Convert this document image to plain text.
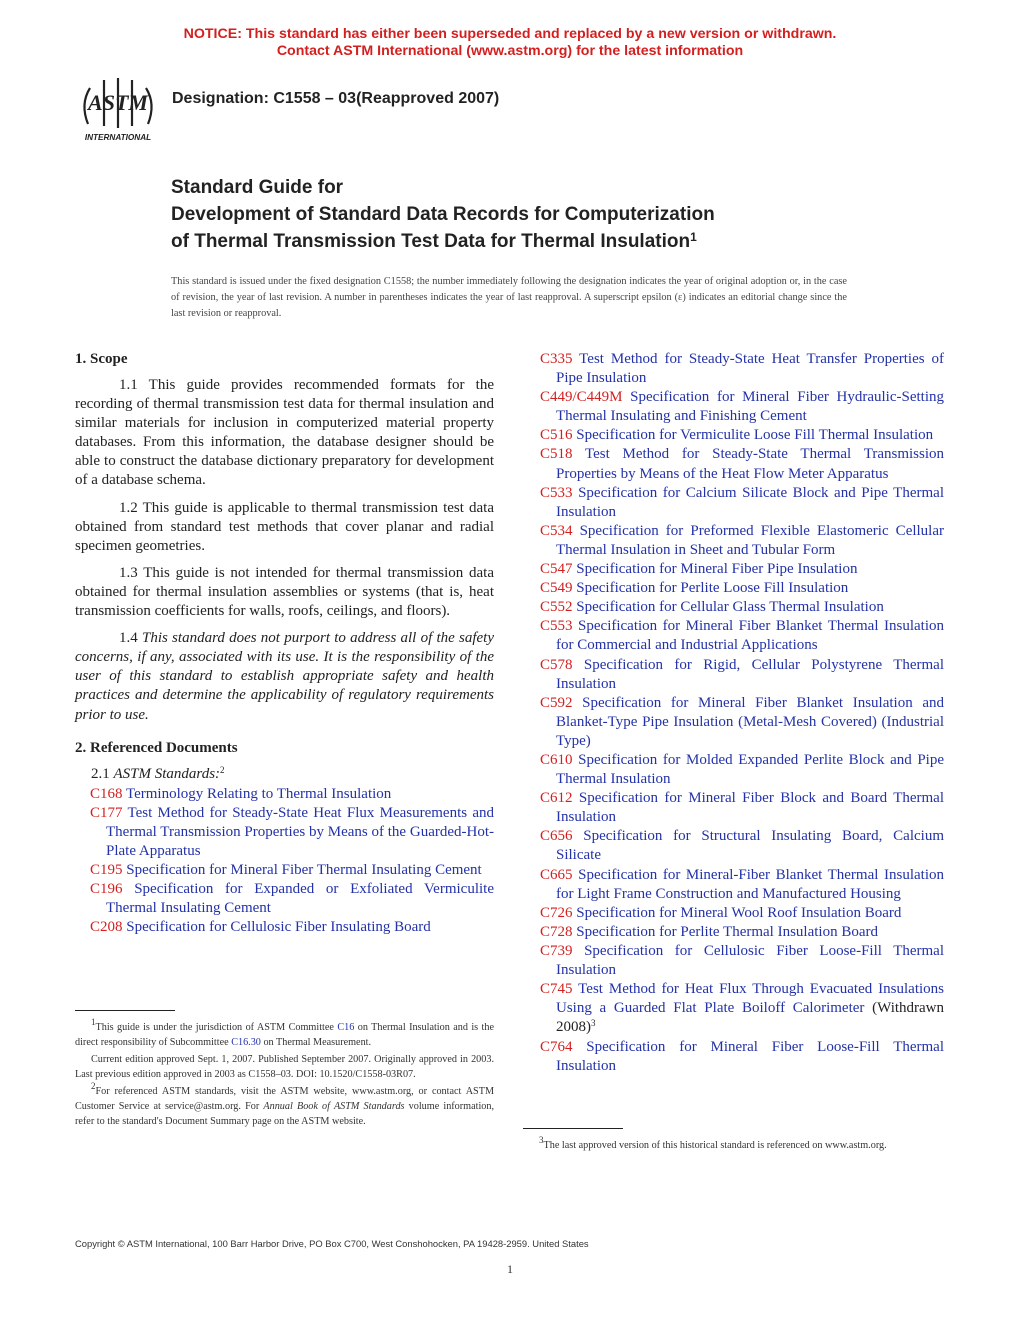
NOTICE: This standard has either been superseded and replaced by a new version or withdrawn.
Contact ASTM International (www.astm.org) for the latest information
ASTM
INTERNATIONAL
Designation: C1558 – 03(Reapproved 2007)
Standard Guide for
Development of Standard Data Records for Computerization
of Thermal Transmission Test Data for Thermal Insulation$^1$
This standard is issued under the fixed designation C1558; the number immediately following the designation indicates the year of original adoption or, in the case of revision, the year of last revision. A number in parentheses indicates the year of last reapproval. A superscript epsilon (ε) indicates an editorial change since the last revision or reapproval.
1. Scope

1.1 This guide provides recommended formats for the recording of thermal transmission test data for thermal insulation and similar materials for inclusion in computerized material property databases. From this information, the database designer should be able to construct the database dictionary preparatory for development of a database schema.

1.2 This guide is applicable to thermal transmission test data obtained from standard test methods that cover planar and radial specimen geometries.

1.3 This guide is not intended for thermal transmission data obtained for thermal insulation assemblies or systems (that is, heat transmission coefficients for walls, roofs, ceilings, and floors).

1.4 This standard does not purport to address all of the safety concerns, if any, associated with its use. It is the responsibility of the user of this standard to establish appropriate safety and health practices and determine the applicability of regulatory requirements prior to use.

2. Referenced Documents

2.1 ASTM Standards:$^2$

C168 Terminology Relating to Thermal Insulation

C177 Test Method for Steady-State Heat Flux Measurements and Thermal Transmission Properties by Means of the Guarded-Hot-Plate Apparatus

C195 Specification for Mineral Fiber Thermal Insulating Cement

C196 Specification for Expanded or Exfoliated Vermiculite Thermal Insulating Cement

C208 Specification for Cellulosic Fiber Insulating Board

C335 Test Method for Steady-State Heat Transfer Properties of Pipe Insulation

C449/C449M Specification for Mineral Fiber Hydraulic-Setting Thermal Insulating and Finishing Cement

C516 Specification for Vermiculite Loose Fill Thermal Insulation

C518 Test Method for Steady-State Thermal Transmission Properties by Means of the Heat Flow Meter Apparatus

C533 Specification for Calcium Silicate Block and Pipe Thermal Insulation

C534 Specification for Preformed Flexible Elastomeric Cellular Thermal Insulation in Sheet and Tubular Form

C547 Specification for Mineral Fiber Pipe Insulation

C549 Specification for Perlite Loose Fill Insulation

C552 Specification for Cellular Glass Thermal Insulation

C553 Specification for Mineral Fiber Blanket Thermal Insulation for Commercial and Industrial Applications

C578 Specification for Rigid, Cellular Polystyrene Thermal Insulation

C592 Specification for Mineral Fiber Blanket Insulation and Blanket-Type Pipe Insulation (Metal-Mesh Covered) (Industrial Type)

C610 Specification for Molded Expanded Perlite Block and Pipe Thermal Insulation

C612 Specification for Mineral Fiber Block and Board Thermal Insulation

C656 Specification for Structural Insulating Board, Calcium Silicate

C665 Specification for Mineral-Fiber Blanket Thermal Insulation for Light Frame Construction and Manufactured Housing

C726 Specification for Mineral Wool Roof Insulation Board

C728 Specification for Perlite Thermal Insulation Board

C739 Specification for Cellulosic Fiber Loose-Fill Thermal Insulation

C745 Test Method for Heat Flux Through Evacuated Insulations Using a Guarded Flat Plate Boiloff Calorimeter (Withdrawn 2008)$^3$

C764 Specification for Mineral Fiber Loose-Fill Thermal Insulation

$^1$This guide is under the jurisdiction of ASTM Committee C16 on Thermal Insulation and is the direct responsibility of Subcommittee C16.30 on Thermal Measurement.

Current edition approved Sept. 1, 2007. Published September 2007. Originally approved in 2003. Last previous edition approved in 2003 as C1558–03. DOI: 10.1520/C1558-03R07.

$^2$For referenced ASTM standards, visit the ASTM website, www.astm.org, or contact ASTM Customer Service at service@astm.org. For Annual Book of ASTM Standards volume information, refer to the standard's Document Summary page on the ASTM website.

$^3$The last approved version of this historical standard is referenced on www.astm.org.

Copyright © ASTM International, 100 Barr Harbor Drive, PO Box C700, West Conshohocken, PA 19428-2959. United States
1
